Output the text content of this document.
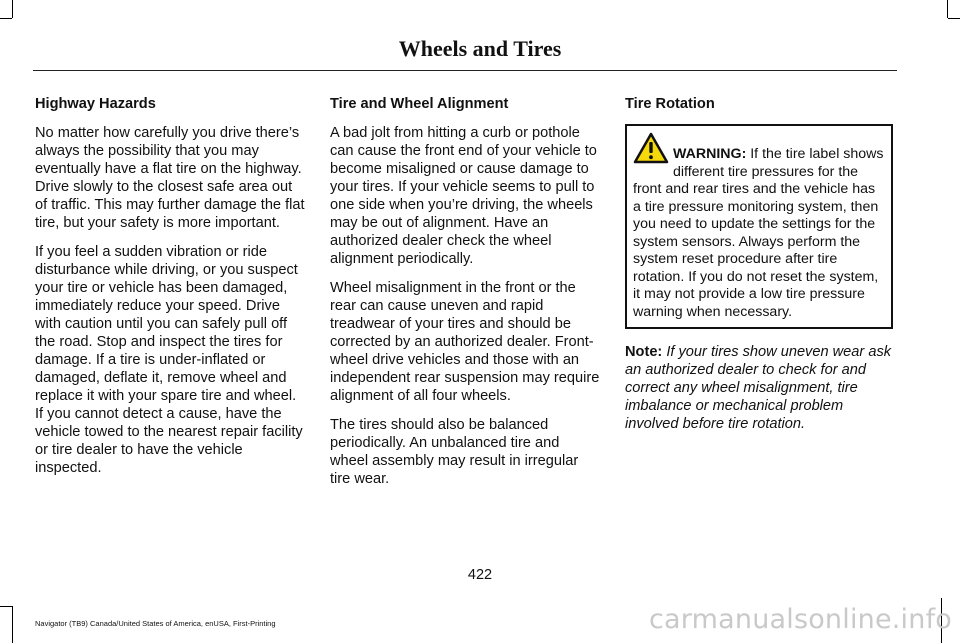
Wheels and Tires
Highway Hazards

No matter how carefully you drive there’s always the possibility that you may eventually have a flat tire on the highway. Drive slowly to the closest safe area out of traffic. This may further damage the flat tire, but your safety is more important.

If you feel a sudden vibration or ride disturbance while driving, or you suspect your tire or vehicle has been damaged, immediately reduce your speed. Drive with caution until you can safely pull off the road. Stop and inspect the tires for damage. If a tire is under-inflated or damaged, deflate it, remove wheel and replace it with your spare tire and wheel. If you cannot detect a cause, have the vehicle towed to the nearest repair facility or tire dealer to have the vehicle inspected.

Tire and Wheel Alignment

A bad jolt from hitting a curb or pothole can cause the front end of your vehicle to become misaligned or cause damage to your tires. If your vehicle seems to pull to one side when you’re driving, the wheels may be out of alignment. Have an authorized dealer check the wheel alignment periodically.

Wheel misalignment in the front or the rear can cause uneven and rapid treadwear of your tires and should be corrected by an authorized dealer. Front-wheel drive vehicles and those with an independent rear suspension may require alignment of all four wheels.

The tires should also be balanced periodically. An unbalanced tire and wheel assembly may result in irregular tire wear.

Tire Rotation
WARNING: If the tire label shows different tire pressures for the front and rear tires and the vehicle has a tire pressure monitoring system, then you need to update the settings for the system sensors. Always perform the system reset procedure after tire rotation. If you do not reset the system, it may not provide a low tire pressure warning when necessary.

Note: If your tires show uneven wear ask an authorized dealer to check for and correct any wheel misalignment, tire imbalance or mechanical problem involved before tire rotation.

422
Navigator (TB9) Canada/United States of America, enUSA, First-Printing	carmanualsonline.info
